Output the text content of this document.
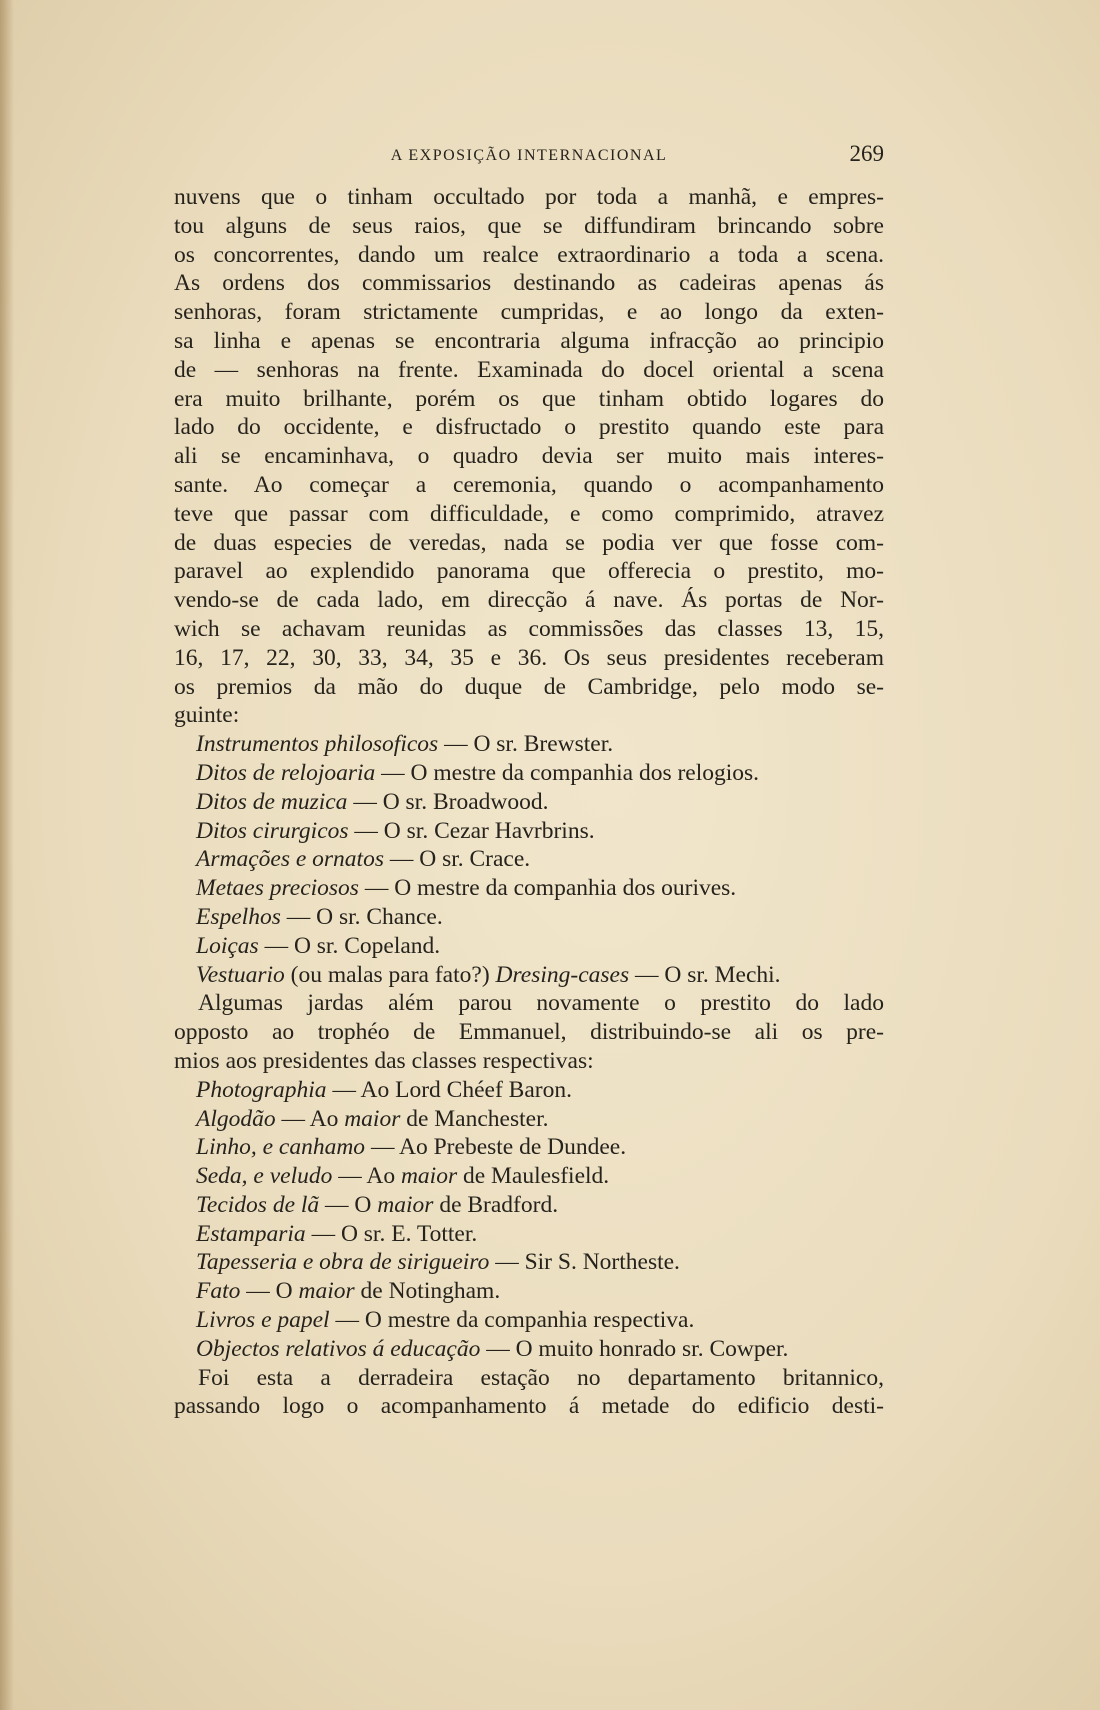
A EXPOSIÇÃO INTERNACIONAL	269
nuvens que o tinham occultado por toda a manhã, e empres-
tou alguns de seus raios, que se diffundiram brincando sobre
os concorrentes, dando um realce extraordinario a toda a scena.
As ordens dos commissarios destinando as cadeiras apenas ás
senhoras, foram strictamente cumpridas, e ao longo da exten-
sa linha e apenas se encontraria alguma infracção ao principio
de — senhoras na frente. Examinada do docel oriental a scena
era muito brilhante, porém os que tinham obtido logares do
lado do occidente, e disfructado o prestito quando este para
ali se encaminhava, o quadro devia ser muito mais interes-
sante. Ao começar a ceremonia, quando o acompanhamento
teve que passar com difficuldade, e como comprimido, atravez
de duas especies de veredas, nada se podia ver que fosse com-
paravel ao explendido panorama que offerecia o prestito, mo-
vendo-se de cada lado, em direcção á nave. Ás portas de Nor-
wich se achavam reunidas as commissões das classes 13, 15,
16, 17, 22, 30, 33, 34, 35 e 36. Os seus presidentes receberam
os premios da mão do duque de Cambridge, pelo modo se-
guinte:
Instrumentos philosoficos — O sr. Brewster.
Ditos de relojoaria — O mestre da companhia dos relogios.
Ditos de muzica — O sr. Broadwood.
Ditos cirurgicos — O sr. Cezar Havrbrins.
Armações e ornatos — O sr. Crace.
Metaes preciosos — O mestre da companhia dos ourives.
Espelhos — O sr. Chance.
Loiças — O sr. Copeland.
Vestuario (ou malas para fato?) Dresing-cases — O sr. Mechi.
Algumas jardas além parou novamente o prestito do lado
opposto ao trophéo de Emmanuel, distribuindo-se ali os pre-
mios aos presidentes das classes respectivas:
Photographia — Ao Lord Chéef Baron.
Algodão — Ao maior de Manchester.
Linho, e canhamo — Ao Prebeste de Dundee.
Seda, e veludo — Ao maior de Maulesfield.
Tecidos de lã — O maior de Bradford.
Estamparia — O sr. E. Totter.
Tapesseria e obra de sirigueiro — Sir S. Northeste.
Fato — O maior de Notingham.
Livros e papel — O mestre da companhia respectiva.
Objectos relativos á educação — O muito honrado sr. Cowper.
Foi esta a derradeira estação no departamento britannico,
passando logo o acompanhamento á metade do edificio desti-
